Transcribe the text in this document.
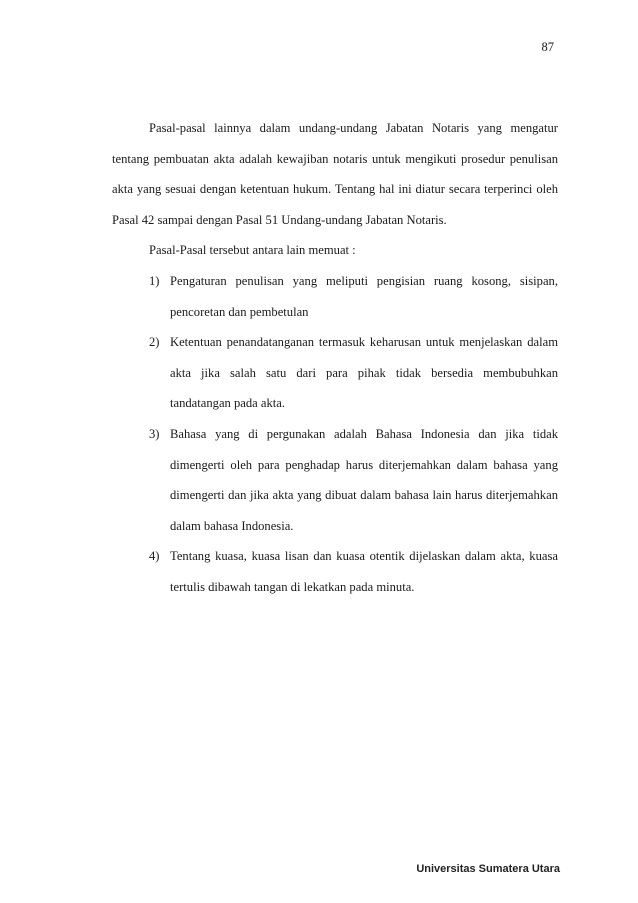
87

Pasal-pasal lainnya dalam undang-undang Jabatan Notaris yang mengatur tentang pembuatan akta adalah kewajiban notaris untuk mengikuti prosedur penulisan akta yang sesuai dengan ketentuan hukum. Tentang hal ini diatur secara terperinci oleh Pasal 42 sampai dengan Pasal 51 Undang-undang Jabatan Notaris.

Pasal-Pasal tersebut antara lain memuat :

1) Pengaturan penulisan yang meliputi pengisian ruang kosong, sisipan, pencoretan dan pembetulan
2) Ketentuan penandatanganan termasuk keharusan untuk menjelaskan dalam akta jika salah satu dari para pihak tidak bersedia membubuhkan tandatangan pada akta.
3) Bahasa yang di pergunakan adalah Bahasa Indonesia dan jika tidak dimengerti oleh para penghadap harus diterjemahkan dalam bahasa yang dimengerti dan jika akta yang dibuat dalam bahasa lain harus diterjemahkan dalam bahasa Indonesia.
4) Tentang kuasa, kuasa lisan dan kuasa otentik dijelaskan dalam akta, kuasa tertulis dibawah tangan di lekatkan pada minuta.
Universitas Sumatera Utara
